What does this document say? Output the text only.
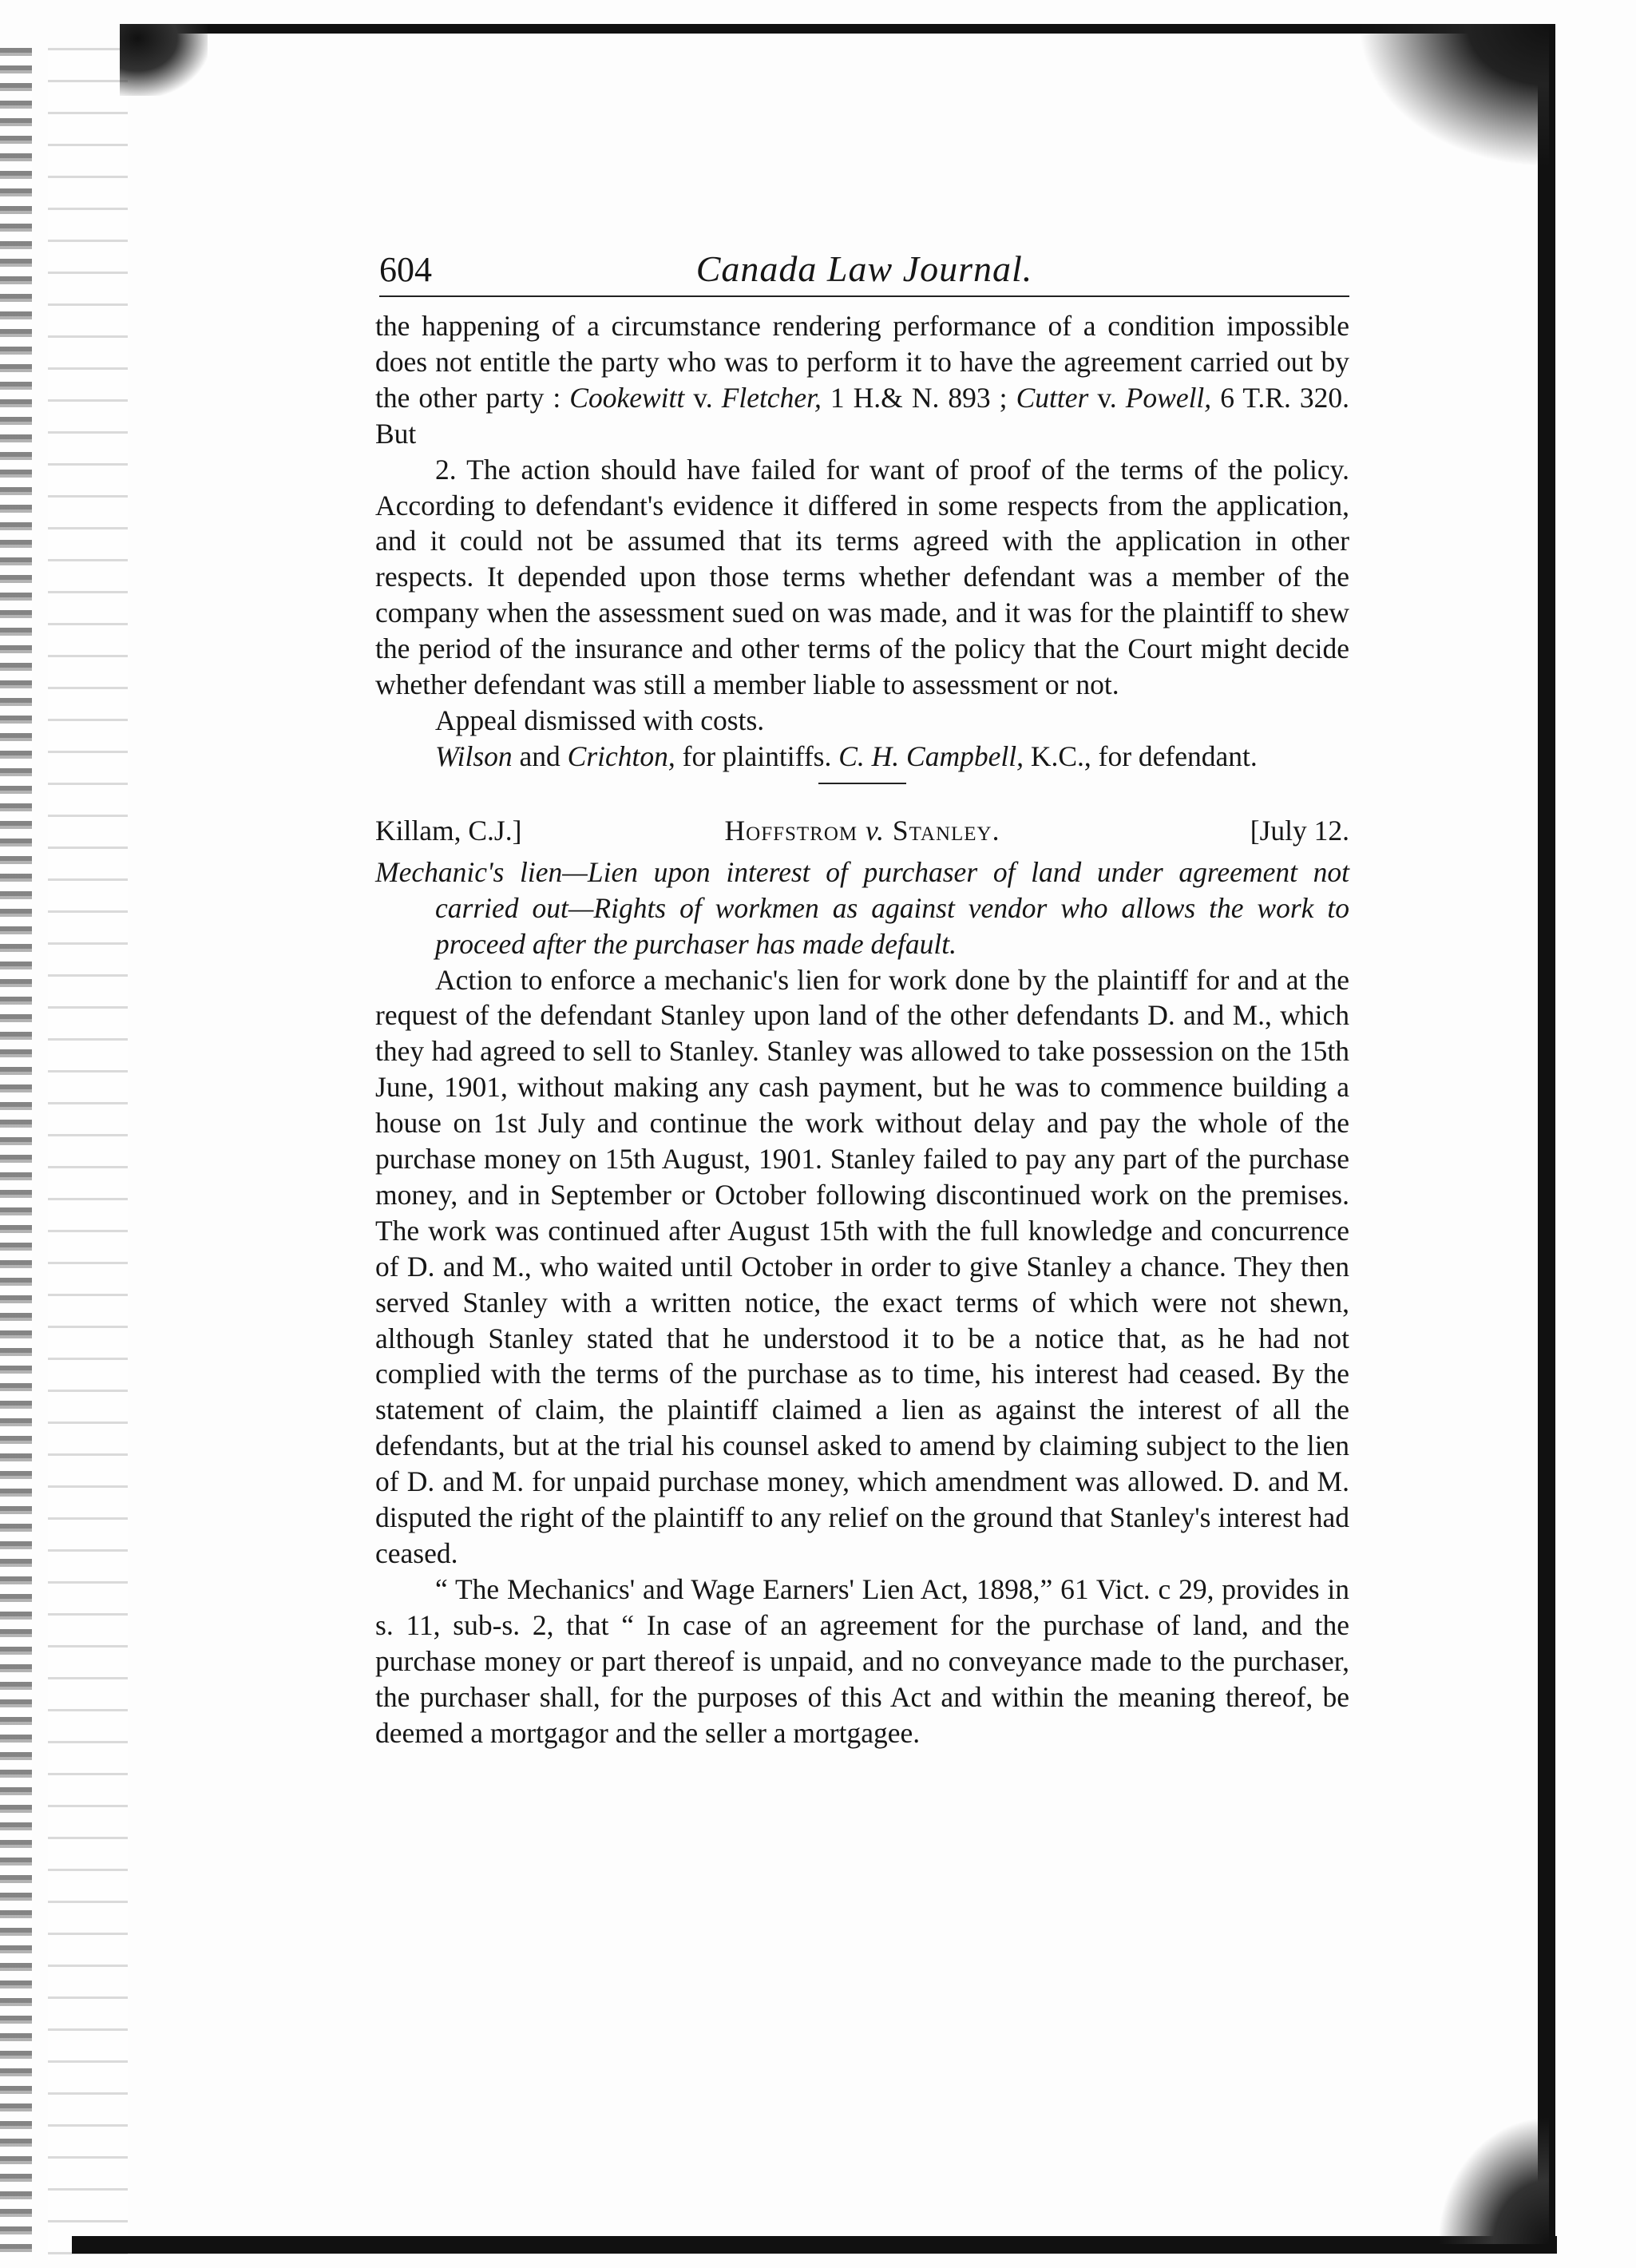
604	Canada Law Journal.

the happening of a circumstance rendering performance of a condition impossible does not entitle the party who was to perform it to have the agreement carried out by the other party : Cookewitt v. Fletcher, 1 H.& N. 893 ; Cutter v. Powell, 6 T.R. 320. But

2. The action should have failed for want of proof of the terms of the policy. According to defendant's evidence it differed in some respects from the application, and it could not be assumed that its terms agreed with the application in other respects. It depended upon those terms whether defendant was a member of the company when the assessment sued on was made, and it was for the plaintiff to shew the period of the insurance and other terms of the policy that the Court might decide whether defendant was still a member liable to assessment or not.

Appeal dismissed with costs.

Wilson and Crichton, for plaintiffs. C. H. Campbell, K.C., for defendant.

Killam, C.J.]	Hoffstrom v. Stanley.	[July 12.

Mechanic's lien—Lien upon interest of purchaser of land under agreement not carried out—Rights of workmen as against vendor who allows the work to proceed after the purchaser has made default.

Action to enforce a mechanic's lien for work done by the plaintiff for and at the request of the defendant Stanley upon land of the other defendants D. and M., which they had agreed to sell to Stanley. Stanley was allowed to take possession on the 15th June, 1901, without making any cash payment, but he was to commence building a house on 1st July and continue the work without delay and pay the whole of the purchase money on 15th August, 1901. Stanley failed to pay any part of the purchase money, and in September or October following discontinued work on the premises. The work was continued after August 15th with the full knowledge and concurrence of D. and M., who waited until October in order to give Stanley a chance. They then served Stanley with a written notice, the exact terms of which were not shewn, although Stanley stated that he understood it to be a notice that, as he had not complied with the terms of the purchase as to time, his interest had ceased. By the statement of claim, the plaintiff claimed a lien as against the interest of all the defendants, but at the trial his counsel asked to amend by claiming subject to the lien of D. and M. for unpaid purchase money, which amendment was allowed. D. and M. disputed the right of the plaintiff to any relief on the ground that Stanley's interest had ceased.

“ The Mechanics' and Wage Earners' Lien Act, 1898,” 61 Vict. c 29, provides in s. 11, sub-s. 2, that “ In case of an agreement for the purchase of land, and the purchase money or part thereof is unpaid, and no conveyance made to the purchaser, the purchaser shall, for the purposes of this Act and within the meaning thereof, be deemed a mortgagor and the seller a mortgagee.
